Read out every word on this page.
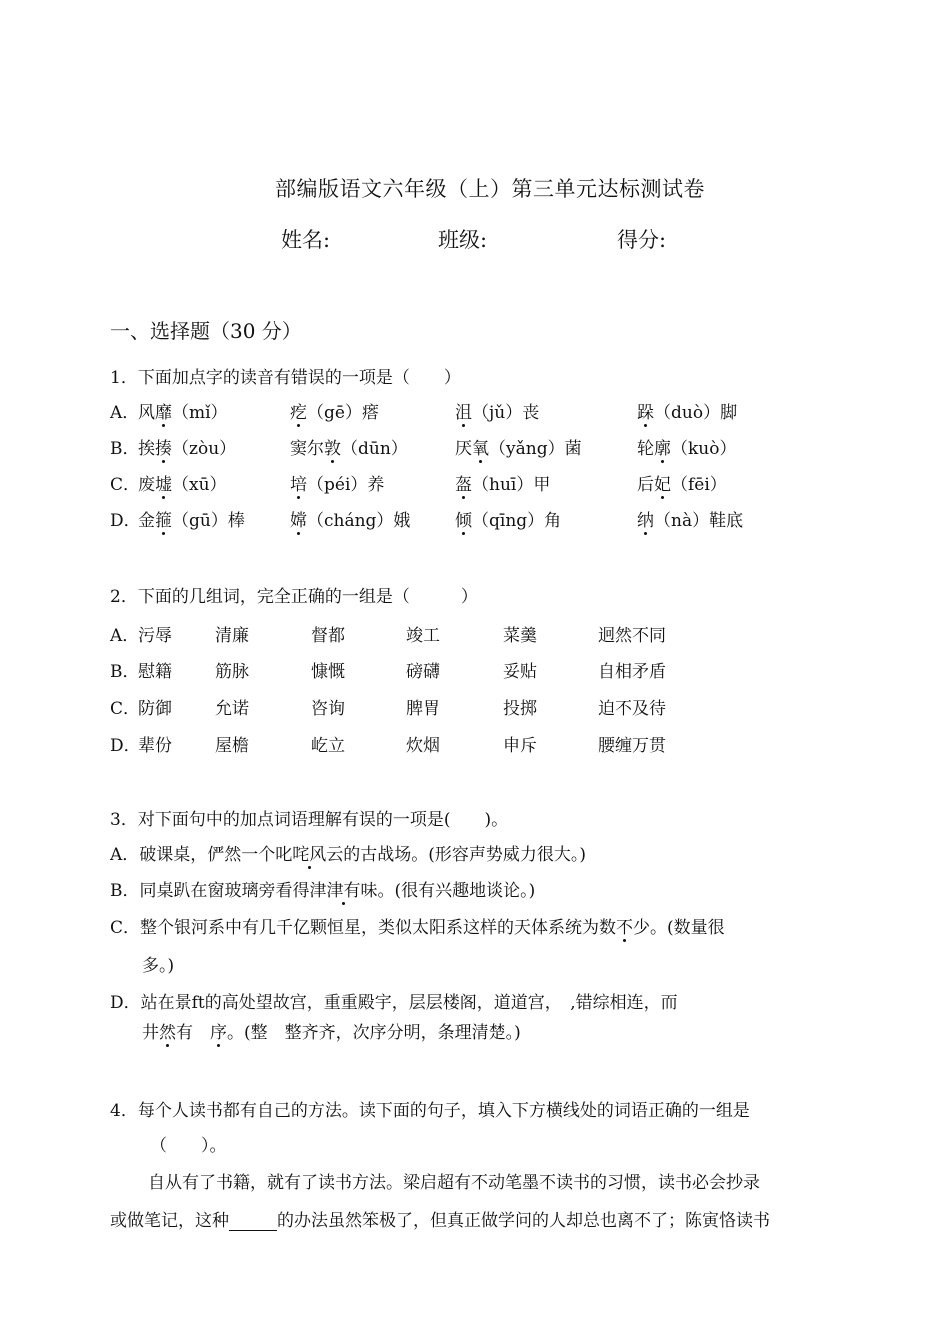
部编版语文六年级（上）第三单元达标测试卷
姓名:	班级:	得分:
一、选择题（30 分）
1．下面加点字的读音有错误的一项是（　　）
A．
风靡（mǐ）	疙（gē）瘩	沮（jǔ）丧	跺（duò）脚
B．
挨揍（zòu）	窦尔敦（dūn）	厌氧（yǎng）菌	轮廓（kuò）
C．
废墟（xū）	培（péi）养	盔（huī）甲	后妃（fēi）
D．
金箍（gū）棒	嫦（cháng）娥	倾（qīng）角	纳（nà）鞋底
2．下面的几组词，完全正确的一组是（　　　）
A．
污辱	清廉	督都	竣工	菜羹	迥然不同
B．
慰籍	筋脉	慷慨	磅礴	妥贴	自相矛盾
C．
防御	允诺	咨询	脾胃	投掷	迫不及待
D．
辈份	屋檐	屹立	炊烟	申斥	腰缠万贯
3．对下面句中的加点词语理解有误的一项是(　　)。
A．破课桌，俨然一个叱咤风云的古战场。(形容声势威力很大。)
B．同桌趴在窗玻璃旁看得津津有味。(很有兴趣地谈论。)
C．整个银河系中有几千亿颗恒星，类似太阳系这样的天体系统为数不少。(数量很
多。)
D．站在景ft的高处望故宫，重重殿宇，层层楼阁，道道宫，　,错综相连，而
井然有　 序。(整　整齐齐，次序分明，条理清楚。)
4．每个人读书都有自己的方法。读下面的句子，填入下方横线处的词语正确的一组是
（　　）。
自从有了书籍，就有了读书方法。梁启超有不动笔墨不读书的习惯，读书必会抄录
或做笔记，这种	的办法虽然笨极了，但真正做学问的人却总也离不了；陈寅恪读书
